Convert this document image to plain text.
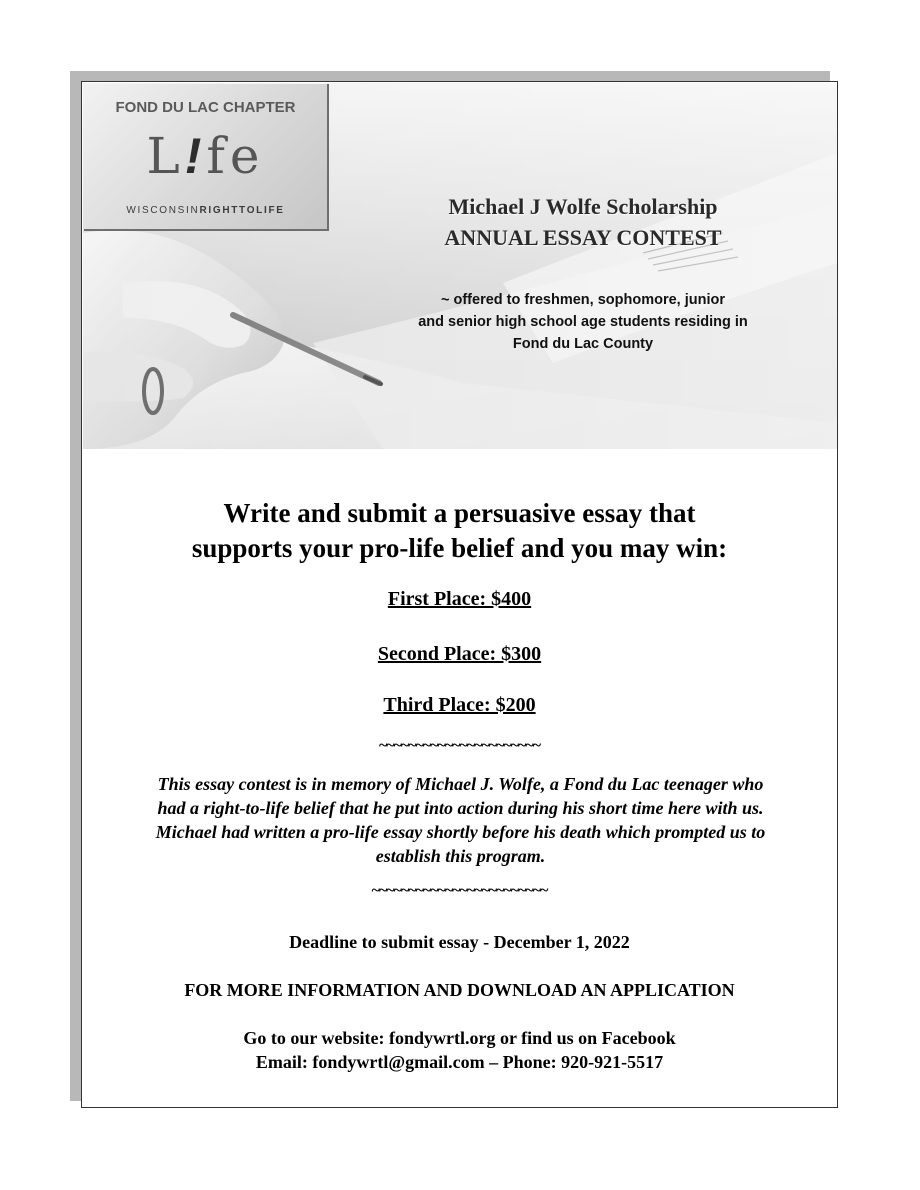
FOND DU LAC CHAPTER
L!fe
WISCONSINRIGHTTOLIFE	Michael J Wolfe Scholarship
ANNUAL ESSAY CONTEST
~ offered to freshmen, sophomore, junior
and senior high school age students residing in
Fond du Lac County
Write and submit a persuasive essay that
supports your pro-life belief and you may win:
First Place: $400
Second Place: $300
Third Place: $200
~~~~~~~~~~~~~~~~~~~~~~
This essay contest is in memory of Michael J. Wolfe, a Fond du Lac teenager who
had a right-to-life belief that he put into action during his short time here with us.
Michael had written a pro-life essay shortly before his death which prompted us to
establish this program.
~~~~~~~~~~~~~~~~~~~~~~~~
Deadline to submit essay - December 1, 2022
FOR MORE INFORMATION AND DOWNLOAD AN APPLICATION
Go to our website: fondywrtl.org or find us on Facebook
Email: fondywrtl@gmail.com – Phone: 920-921-5517
